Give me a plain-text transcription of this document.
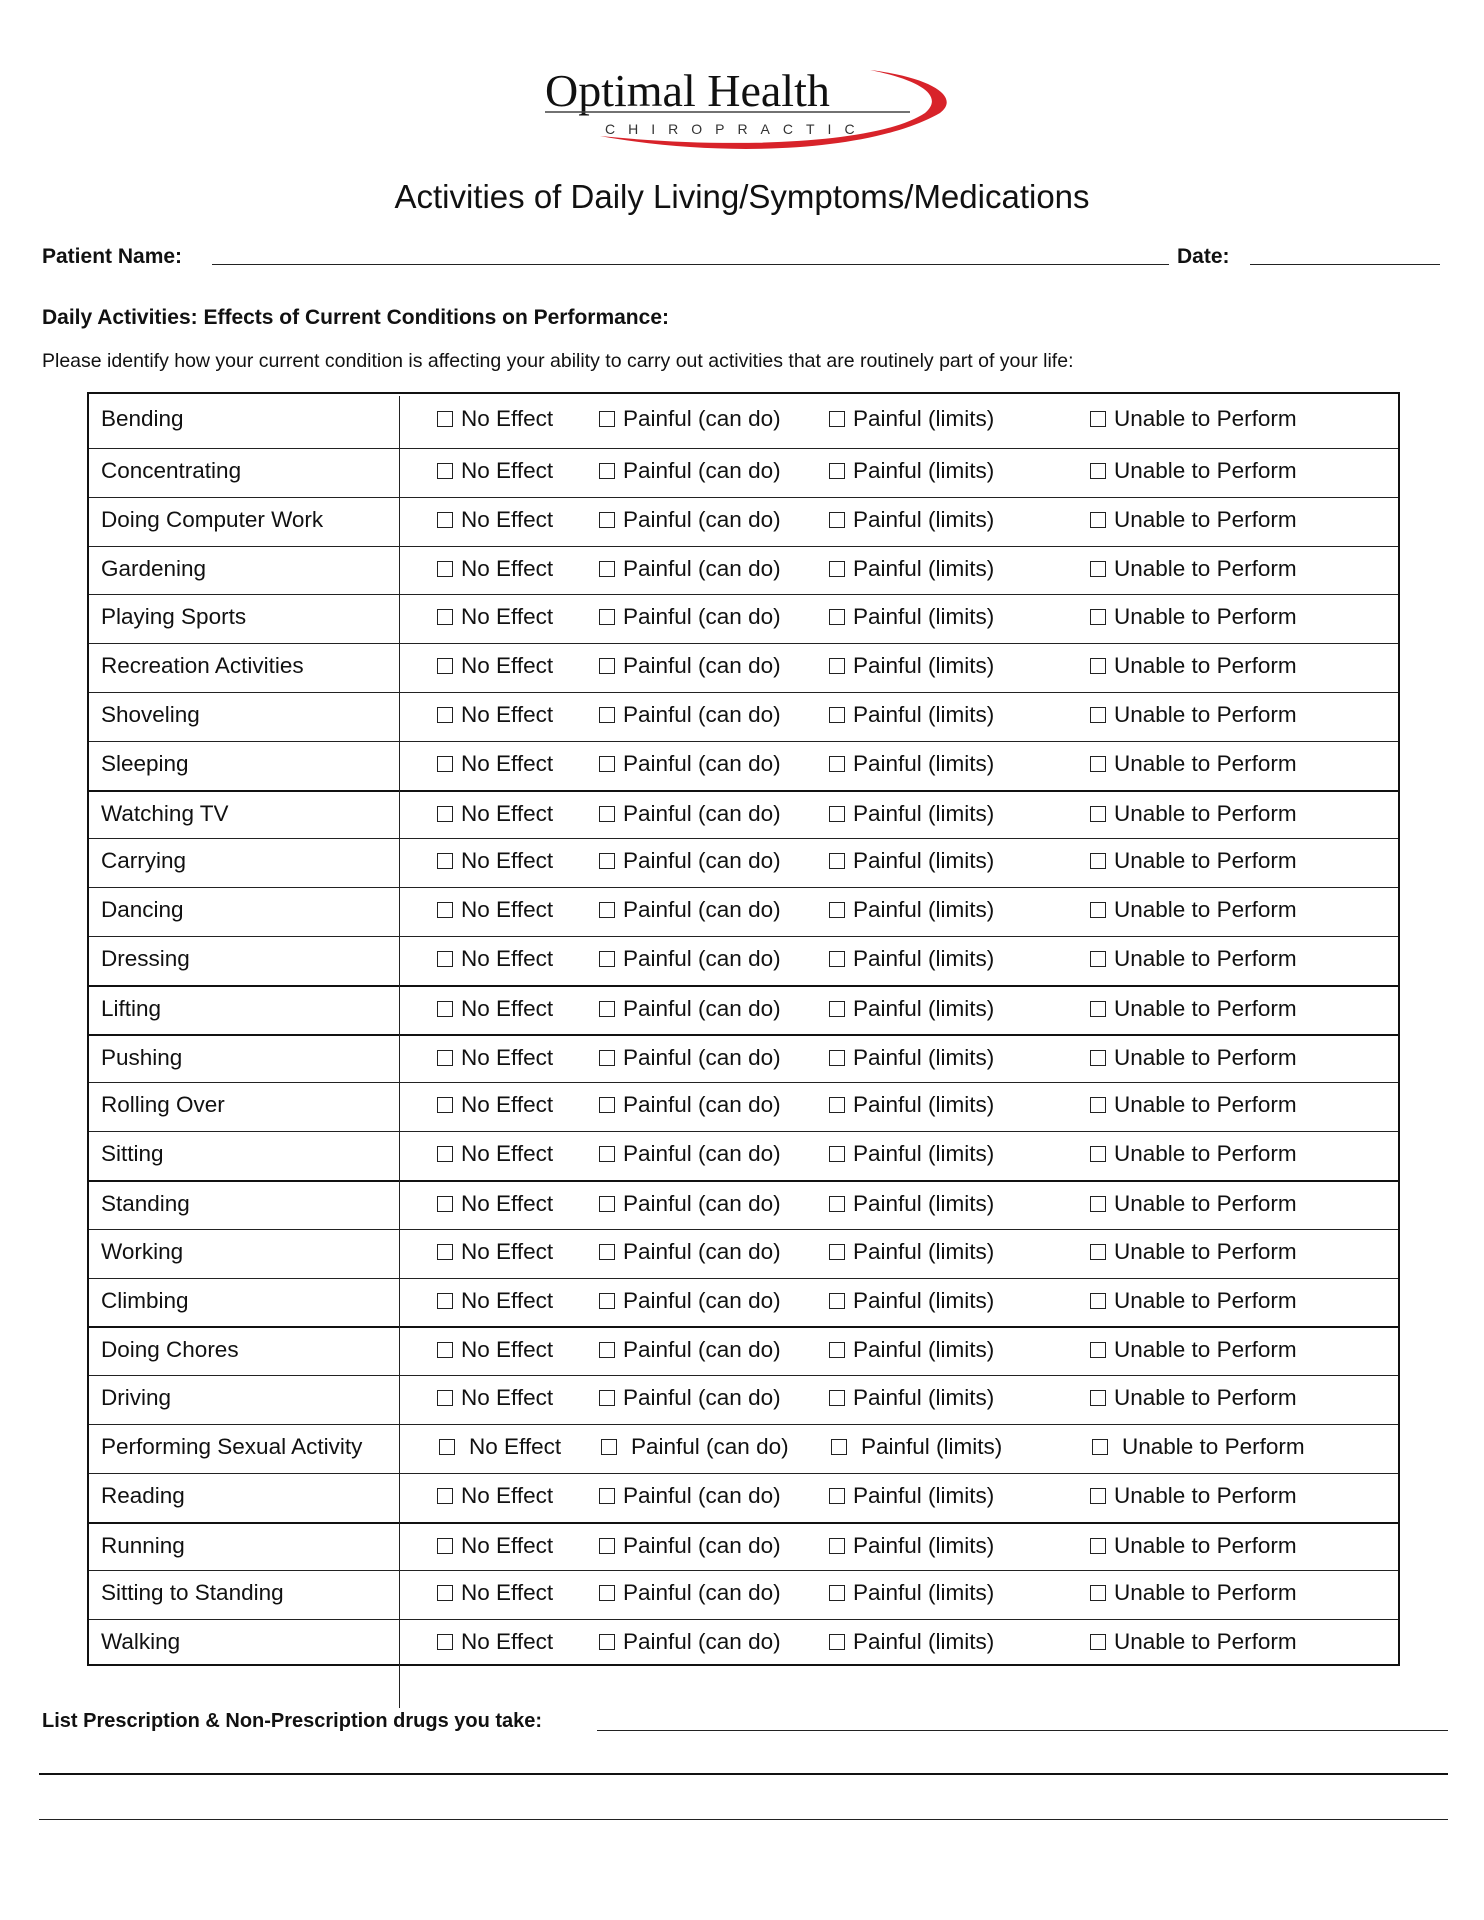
Optimal Health
CHIROPRACTIC
Activities of Daily Living/Symptoms/Medications
Patient Name:	Date:
Daily Activities: Effects of Current Conditions on Performance:
Please identify how your current condition is affecting your ability to carry out activities that are routinely part of your life:
Bending	No Effect	Painful (can do)	Painful (limits)	Unable to Perform
Concentrating	No Effect	Painful (can do)	Painful (limits)	Unable to Perform
Doing Computer Work	No Effect	Painful (can do)	Painful (limits)	Unable to Perform
Gardening	No Effect	Painful (can do)	Painful (limits)	Unable to Perform
Playing Sports	No Effect	Painful (can do)	Painful (limits)	Unable to Perform
Recreation Activities	No Effect	Painful (can do)	Painful (limits)	Unable to Perform
Shoveling	No Effect	Painful (can do)	Painful (limits)	Unable to Perform
Sleeping	No Effect	Painful (can do)	Painful (limits)	Unable to Perform
Watching TV	No Effect	Painful (can do)	Painful (limits)	Unable to Perform
Carrying	No Effect	Painful (can do)	Painful (limits)	Unable to Perform
Dancing	No Effect	Painful (can do)	Painful (limits)	Unable to Perform
Dressing	No Effect	Painful (can do)	Painful (limits)	Unable to Perform
Lifting	No Effect	Painful (can do)	Painful (limits)	Unable to Perform
Pushing	No Effect	Painful (can do)	Painful (limits)	Unable to Perform
Rolling Over	No Effect	Painful (can do)	Painful (limits)	Unable to Perform
Sitting	No Effect	Painful (can do)	Painful (limits)	Unable to Perform
Standing	No Effect	Painful (can do)	Painful (limits)	Unable to Perform
Working	No Effect	Painful (can do)	Painful (limits)	Unable to Perform
Climbing	No Effect	Painful (can do)	Painful (limits)	Unable to Perform
Doing Chores	No Effect	Painful (can do)	Painful (limits)	Unable to Perform
Driving	No Effect	Painful (can do)	Painful (limits)	Unable to Perform
Performing Sexual Activity	No Effect	Painful (can do)	Painful (limits)	Unable to Perform
Reading	No Effect	Painful (can do)	Painful (limits)	Unable to Perform
Running	No Effect	Painful (can do)	Painful (limits)	Unable to Perform
Sitting to Standing	No Effect	Painful (can do)	Painful (limits)	Unable to Perform
Walking	No Effect	Painful (can do)	Painful (limits)	Unable to Perform
List Prescription & Non-Prescription drugs you take:
